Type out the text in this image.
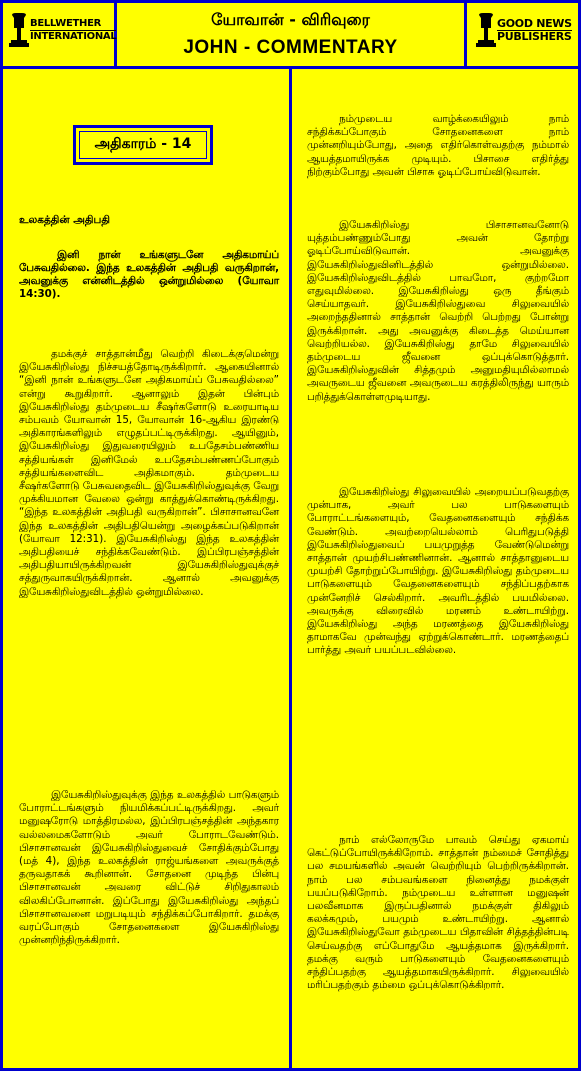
BELLWETHER
INTERNATIONAL
யோவான் - விரிவுரை
JOHN - COMMENTARY
GOOD NEWS
PUBLISHERS
அதிகாரம் - 14
உலகத்தின் அதிபதி
இனி நான் உங்களுடனே அதிகமாய்ப் பேசுவதில்லை. இந்த உலகத்தின் அதிபதி வருகிறான், அவனுக்கு என்னிடத்தில் ஒன்றுமில்லை (யோவா 14:30).
தமக்குச் சாத்தான்மீது வெற்றி கிடைக்குமென்று இயேசுகிறிஸ்து நிச்சயத்தோடிருக்கிறார். ஆகையினால் “இனி நான் உங்களுடனே அதிகமாய்ப் பேசுவதில்லை” என்று கூறுகிறார். ஆனாலும் இதன் பின்பும் இயேசுகிறிஸ்து தம்முடைய சீஷர்களோடு உரையாடிய சம்பவம் யோவான் 15, யோவான் 16-ஆகிய இரண்டு அதிகாரங்களிலும் எழுதப்பட்டிருக்கிறது. ஆயினும், இயேசுகிறிஸ்து இதுவரையிலும் உபதேசம்பண்ணிய சத்தியங்கள் இனிமேல் உபதேசம்பண்ணப்போகும் சத்தியங்களைவிட அதிகமாகும். தம்முடைய சீஷர்களோடு பேசுவதைவிட இயேசுகிறிஸ்துவுக்கு வேறு முக்கியமான வேலை ஒன்று காத்துக்கொண்டிருக்கிறது. “இந்த உலகத்தின் அதிபதி வருகிறான்”. பிசாசானவனே இந்த உலகத்தின் அதிபதியென்று அழைக்கப்படுகிறான் (யோவா 12:31). இயேசுகிறிஸ்து இந்த உலகத்தின் அதிபதியைச் சந்திக்கவேண்டும். இப்பிரபஞ்சத்தின் அதிபதியாயிருக்கிறவன் இயேசுகிறிஸ்துவுக்குச் சத்துருவாகயிருக்கிறான். ஆனால் அவனுக்கு இயேசுகிறிஸ்துவிடத்தில் ஒன்றுமில்லை.
இயேசுகிறிஸ்துவுக்கு இந்த உலகத்தில் பாடுகளும் போராட்டங்களும் நியமிக்கப்பட்டிருக்கிறது. அவர் மனுஷரோடு மாத்திரமல்ல, இப்பிரபஞ்சத்தின் அந்தகார வல்லமைகளோடும் அவர் போராடவேண்டும். பிசாசானவன் இயேசுகிறிஸ்துவைச் சோதிக்கும்போது (மத் 4), இந்த உலகத்தின் ராஜ்யங்களை அவருக்குத் தருவதாகக் கூறினான். சோதனை முடிந்த பின்பு பிசாசானவன் அவரை விட்டுச் சிறிதுகாலம் விலகிப்போனான். இப்போது இயேசுகிறிஸ்து அந்தப் பிசாசானவனை மறுபடியும் சந்திக்கப்போகிறார். தமக்கு வரப்போகும் சோதனைகளை இயேசுகிறிஸ்து முன்னறிந்திருக்கிறார்.
நம்முடைய வாழ்க்கையிலும் நாம் சந்திக்கப்போகும் சோதனைகளை நாம் முன்னறியும்போது, அதை எதிர்கொள்வதற்கு நம்மால் ஆயத்தமாயிருக்க முடியும். பிசாசை எதிர்த்து நிற்கும்போது அவன் பிசாசு ஓடிப்போய்விடுவான்.
இயேசுகிறிஸ்து பிசாசானவனோடு யுத்தம்பண்ணும்போது அவன் தோற்று ஓடிப்போய்விடுவான். அவனுக்கு இயேசுகிறிஸ்துவினிடத்தில் ஒன்றுமில்லை. இயேசுகிறிஸ்துவிடத்தில் பாவமோ, குற்றமோ எதுவுமில்லை. இயேசுகிறிஸ்து ஒரு தீங்கும் செய்யாதவர். இயேசுகிறிஸ்துவை சிலுவையில் அறைந்ததினால் சாத்தான் வெற்றி பெற்றது போன்று இருக்கிறான். அது அவனுக்கு கிடைத்த மெய்யான வெற்றியல்ல. இயேசுகிறிஸ்து தாமே சிலுவையில் தம்முடைய ஜீவனை ஒப்புக்கொடுத்தார். இயேசுகிறிஸ்துவின் சித்தமும் அனுமதியுமில்லாமல் அவருடைய ஜீவனை அவருடைய கரத்திலிருந்து யாரும் பறித்துக்கொள்ளமுடியாது.
இயேசுகிறிஸ்து சிலுவையில் அறையப்படுவதற்கு முன்பாக, அவர் பல பாடுகளையும் போராட்டங்களையும், வேதனைகளையும் சந்திக்க வேண்டும். அவற்றையெல்லாம் பெரிதுபடுத்தி இயேசுகிறிஸ்துவைப் பயமுறுத்த வேண்டுமென்று சாத்தான் முயற்சிபண்ணினான். ஆனால் சாத்தானுடைய முயற்சி தோற்றுப்போயிற்று. இயேசுகிறிஸ்து தம்முடைய பாடுகளையும் வேதனைகளையும் சந்திப்பதற்காக முன்னேறிச் செல்கிறார். அவரிடத்தில் பயமில்லை. அவருக்கு விரைவில் மரணம் உண்டாயிற்று. இயேசுகிறிஸ்து அந்த மரணத்தை இயேசுகிறிஸ்து தாமாகவே முன்வந்து ஏற்றுக்கொண்டார். மரணத்தைப் பார்த்து அவர் பயப்படவில்லை.
நாம் எல்லோருமே பாவம் செய்து ஏகமாய் கெட்டுப்போயிருக்கிறோம். சாத்தான் நம்மைச் சோதித்து பல சமயங்களில் அவன் வெற்றியும் பெற்றிருக்கிறான். நாம் பல சம்பவங்களை நினைத்து நமக்குள் பயப்படுகிறோம். நம்முடைய உள்ளான மனுஷன் பலவீனமாக இருப்பதினால் நமக்குள் திகிலும் கலக்கமும், பயமும் உண்டாயிற்று. ஆனால் இயேசுகிறிஸ்துவோ தம்முடைய பிதாவின் சித்தத்தின்படி செய்வதற்கு எப்போதுமே ஆயத்தமாக இருக்கிறார். தமக்கு வரும் பாடுகளையும் வேதனைகளையும் சந்திப்பதற்கு ஆயத்தமாகயிருக்கிறார். சிலுவையில் மரிப்பதற்கும் தம்மை ஒப்புக்கொடுக்கிறார்.
